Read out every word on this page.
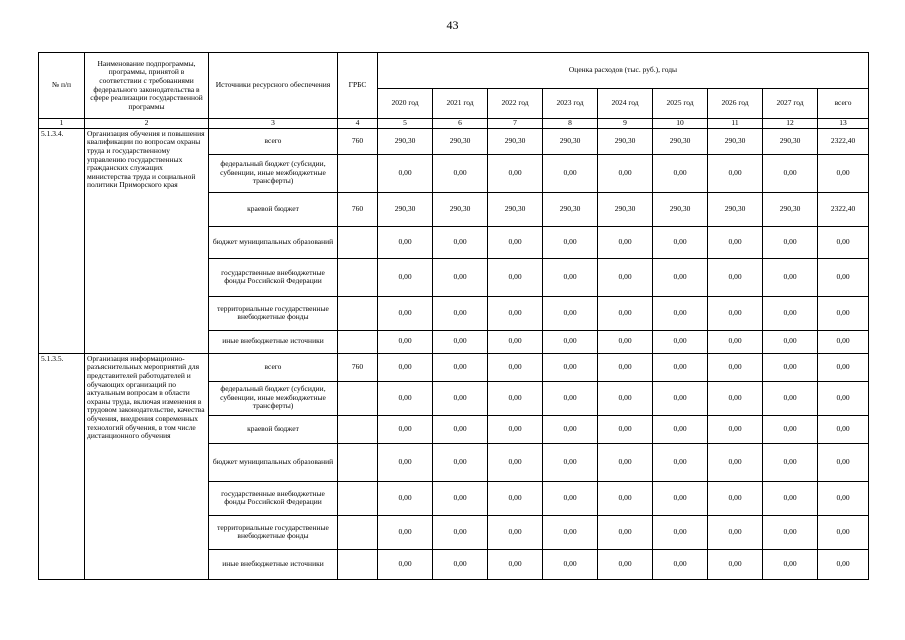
43
№ п/п	Наименование подпрограммы, программы, принятой в соответствии с требованиями федерального законодательства в сфере реализации государственной программы	Источники ресурсного обеспечения	ГРБС	Оценка расходов (тыс. руб.), годы								
				2020 год	2021 год	2022 год	2023 год	2024 год	2025 год	2026 год	2027 год	всего
1	2	3	4	5	6	7	8	9	10	11	12	13
5.1.3.4.	Организация обучения и повышения квалификации по вопросам охраны труда и государственному управлению государственных гражданских служащих министерства труда и социальной политики Приморского края	всего	760	290,30	290,30	290,30	290,30	290,30	290,30	290,30	290,30	2322,40
		федеральный бюджет (субсидии, субвенции, иные межбюджетные трансферты)		0,00	0,00	0,00	0,00	0,00	0,00	0,00	0,00	0,00
		краевой бюджет	760	290,30	290,30	290,30	290,30	290,30	290,30	290,30	290,30	2322,40
		бюджет муниципальных образований		0,00	0,00	0,00	0,00	0,00	0,00	0,00	0,00	0,00
		государственные внебюджетные фонды Российской Федерации		0,00	0,00	0,00	0,00	0,00	0,00	0,00	0,00	0,00
		территориальные государственные внебюджетные фонды		0,00	0,00	0,00	0,00	0,00	0,00	0,00	0,00	0,00
		иные внебюджетные источники		0,00	0,00	0,00	0,00	0,00	0,00	0,00	0,00	0,00
5.1.3.5.	Организация информационно-разъяснительных мероприятий для представителей работодателей и обучающих организаций по актуальным вопросам в области охраны труда, включая изменения в трудовом законодательстве, качества обучения, внедрения современных технологий обучения, в том числе дистанционного обучения	всего	760	0,00	0,00	0,00	0,00	0,00	0,00	0,00	0,00	0,00
		федеральный бюджет (субсидии, субвенции, иные межбюджетные трансферты)		0,00	0,00	0,00	0,00	0,00	0,00	0,00	0,00	0,00
		краевой бюджет		0,00	0,00	0,00	0,00	0,00	0,00	0,00	0,00	0,00
		бюджет муниципальных образований		0,00	0,00	0,00	0,00	0,00	0,00	0,00	0,00	0,00
		государственные внебюджетные фонды Российской Федерации		0,00	0,00	0,00	0,00	0,00	0,00	0,00	0,00	0,00
		территориальные государственные внебюджетные фонды		0,00	0,00	0,00	0,00	0,00	0,00	0,00	0,00	0,00
		иные внебюджетные источники		0,00	0,00	0,00	0,00	0,00	0,00	0,00	0,00	0,00
